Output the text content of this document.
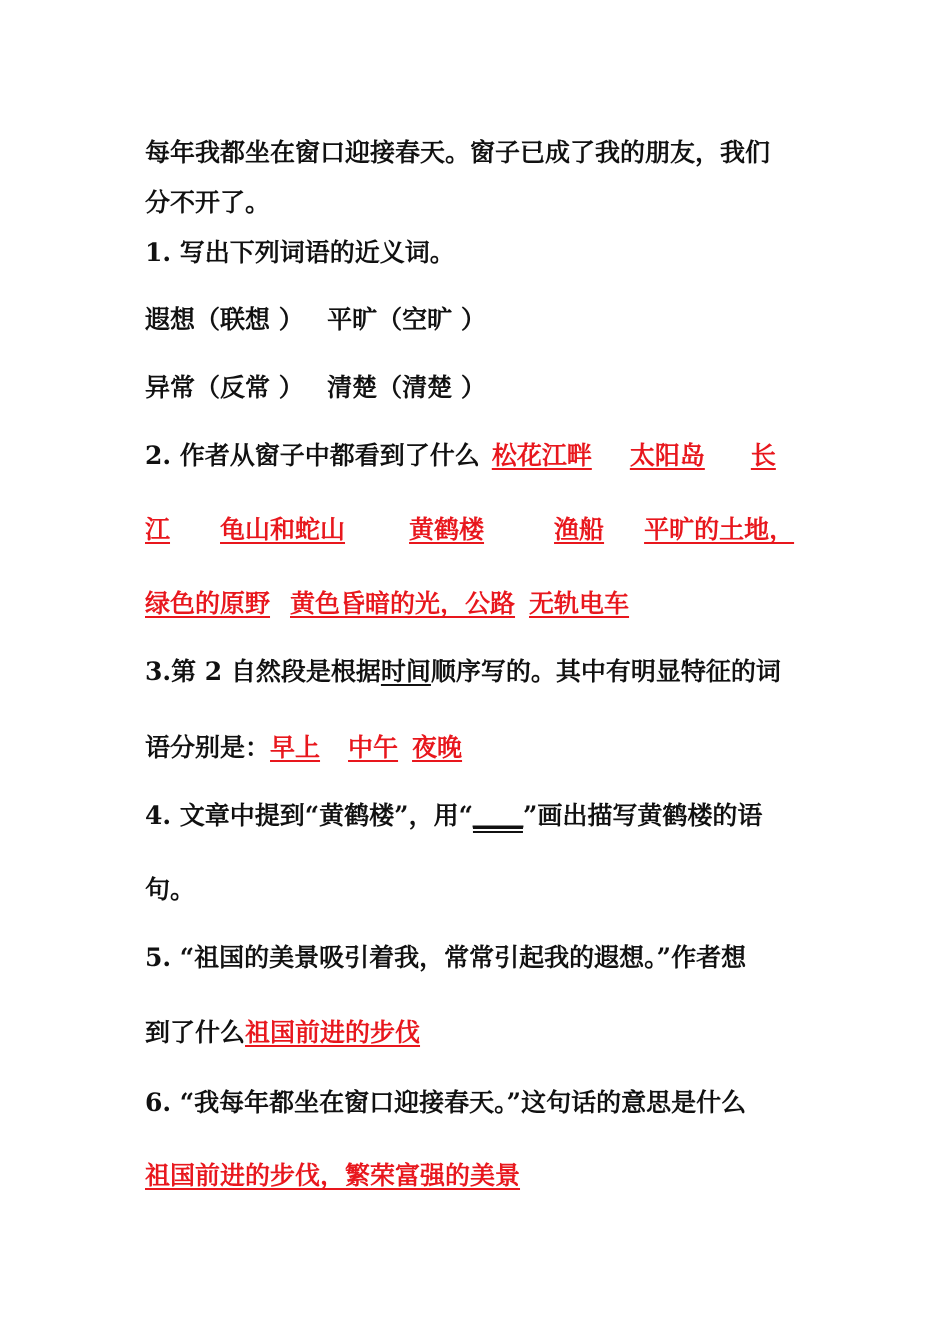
每年我都坐在窗口迎接春天。窗子已成了我的朋友，我们
分不开了。
1. 写出下列词语的近义词。
遐想（联想 ） 平旷（空旷 ）
异常（反常 ） 清楚（清楚 ）
2. 作者从窗子中都看到了什么 松花江畔 太阳岛 长
江 龟山和蛇山	黄鹤楼	渔船 平旷的土地，
绿色的原野 黄色昏暗的光，公路 无轨电车
3.第 2 自然段是根据时间顺序写的。其中有明显特征的词
语分别是：早上 中午 夜晚
4. 文章中提到“黄鹤楼”，用“＿＿”画出描写黄鹤楼的语
句。
5. “祖国的美景吸引着我，常常引起我的遐想。”作者想
到了什么祖国前进的步伐
6. “我每年都坐在窗口迎接春天。”这句话的意思是什么
祖国前进的步伐，繁荣富强的美景
